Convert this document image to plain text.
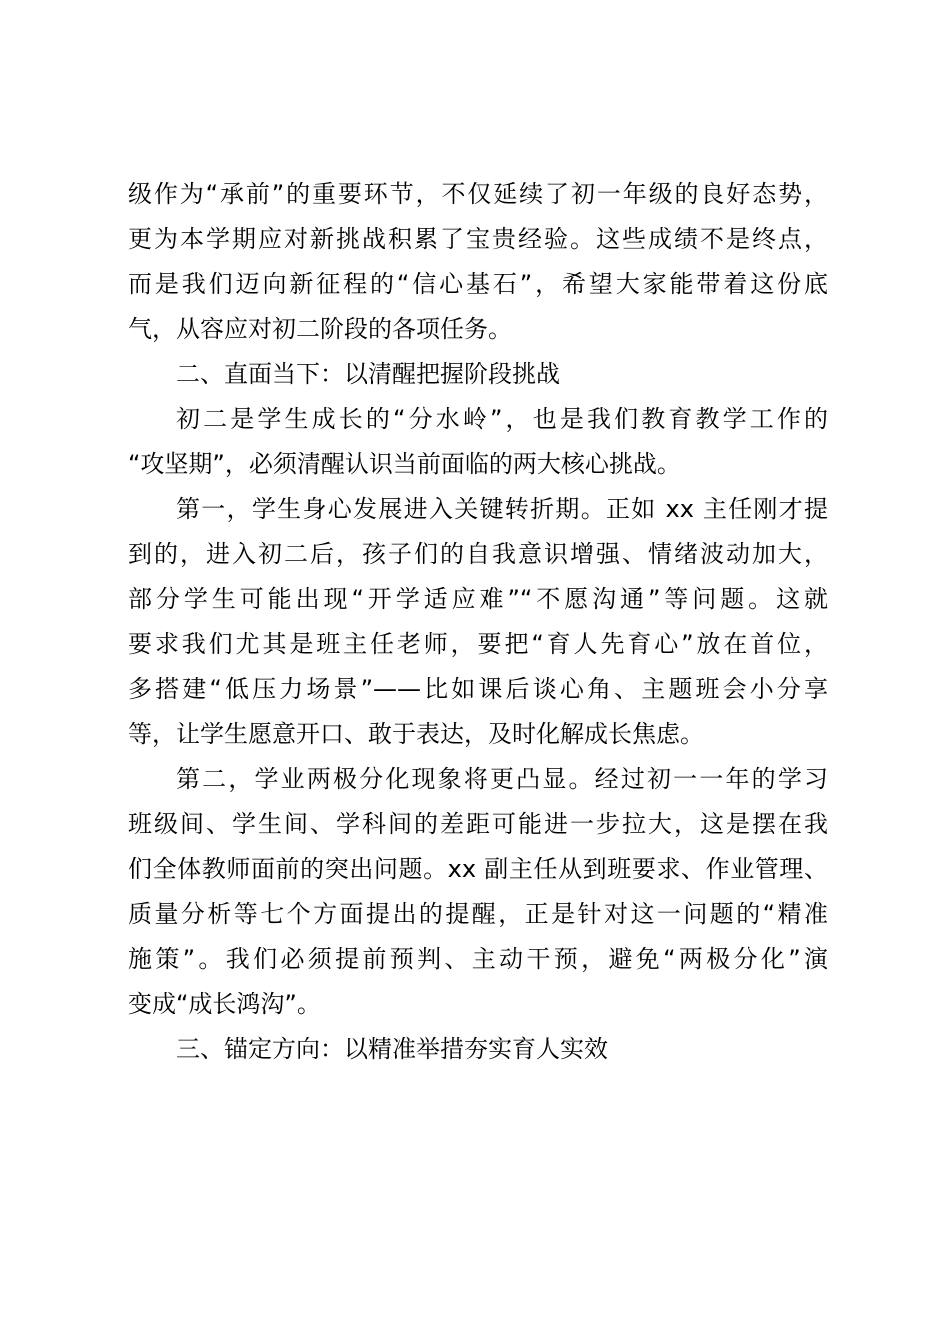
级作为“承前”的重要环节，不仅延续了初一年级的良好态势，
更为本学期应对新挑战积累了宝贵经验。这些成绩不是终点，
而是我们迈向新征程的“信心基石”，希望大家能带着这份底
气，从容应对初二阶段的各项任务。
二、直面当下：以清醒把握阶段挑战
初二是学生成长的“分水岭”，也是我们教育教学工作的
“攻坚期”，必须清醒认识当前面临的两大核心挑战。
第一，学生身心发展进入关键转折期。正如 xx 主任刚才提
到的，进入初二后，孩子们的自我意识增强、情绪波动加大，
部分学生可能出现“开学适应难”“不愿沟通”等问题。这就
要求我们尤其是班主任老师，要把“育人先育心”放在首位，
多搭建“低压力场景”——比如课后谈心角、主题班会小分享
等，让学生愿意开口、敢于表达，及时化解成长焦虑。
第二，学业两极分化现象将更凸显。经过初一一年的学习
班级间、学生间、学科间的差距可能进一步拉大，这是摆在我
们全体教师面前的突出问题。xx 副主任从到班要求、作业管理、
质量分析等七个方面提出的提醒，正是针对这一问题的“精准
施策”。我们必须提前预判、主动干预，避免“两极分化”演
变成“成长鸿沟”。
三、锚定方向：以精准举措夯实育人实效
